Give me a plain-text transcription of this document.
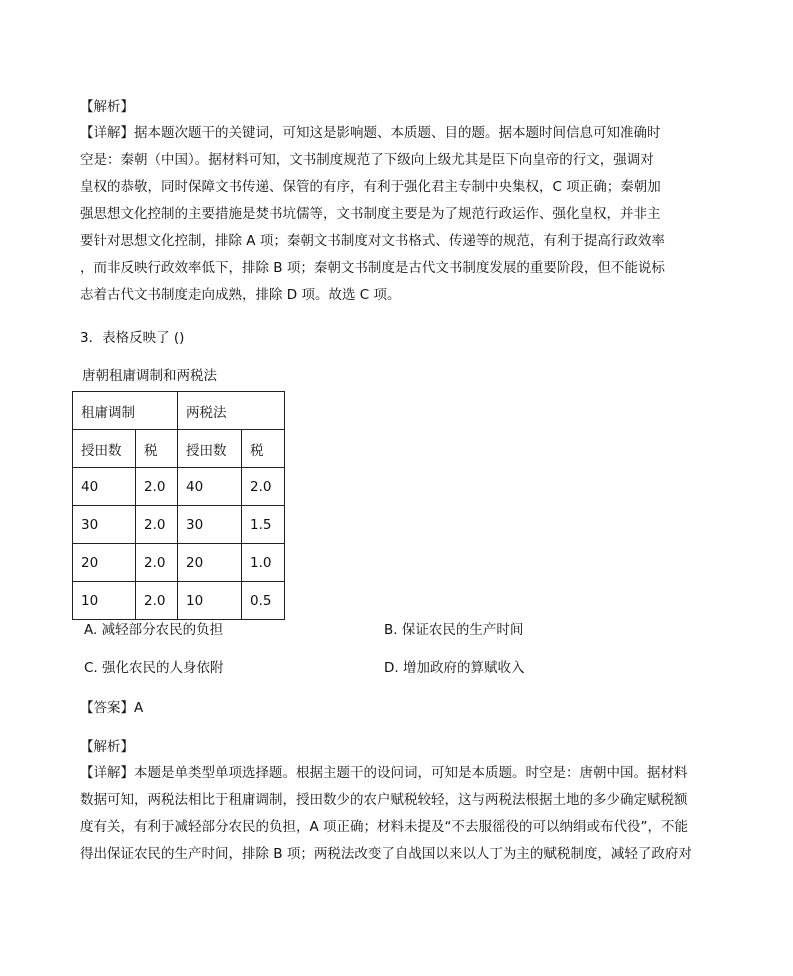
【解析】

【详解】据本题次题干的关键词，可知这是影响题、本质题、目的题。据本题时间信息可知准确时

空是：秦朝（中国）。据材料可知，文书制度规范了下级向上级尤其是臣下向皇帝的行文，强调对

皇权的恭敬，同时保障文书传递、保管的有序，有利于强化君主专制中央集权，C 项正确；秦朝加

强思想文化控制的主要措施是焚书坑儒等，文书制度主要是为了规范行政运作、强化皇权，并非主

要针对思想文化控制，排除 A 项；秦朝文书制度对文书格式、传递等的规范，有利于提高行政效率

，而非反映行政效率低下，排除 B 项；秦朝文书制度是古代文书制度发展的重要阶段，但不能说标

志着古代文书制度走向成熟，排除 D 项。故选 C 项。

3．表格反映了 ()
唐朝租庸调制和两税法
租庸调制		两税法	
授田数	税	授田数	税
40	2.0	40	2.0
30	2.0	30	1.5
20	2.0	20	1.0
10	2.0	10	0.5
A. 减轻部分农民的负担	B. 保证农民的生产时间
C. 强化农民的人身依附	D. 增加政府的算赋收入
【答案】A
【解析】

【详解】本题是单类型单项选择题。根据主题干的设问词，可知是本质题。时空是：唐朝中国。据材料

数据可知，两税法相比于租庸调制，授田数少的农户赋税较轻，这与两税法根据土地的多少确定赋税额

度有关，有利于减轻部分农民的负担，A 项正确；材料未提及“不去服徭役的可以纳绢或布代役”，不能

得出保证农民的生产时间，排除 B 项；两税法改变了自战国以来以人丁为主的赋税制度，减轻了政府对
